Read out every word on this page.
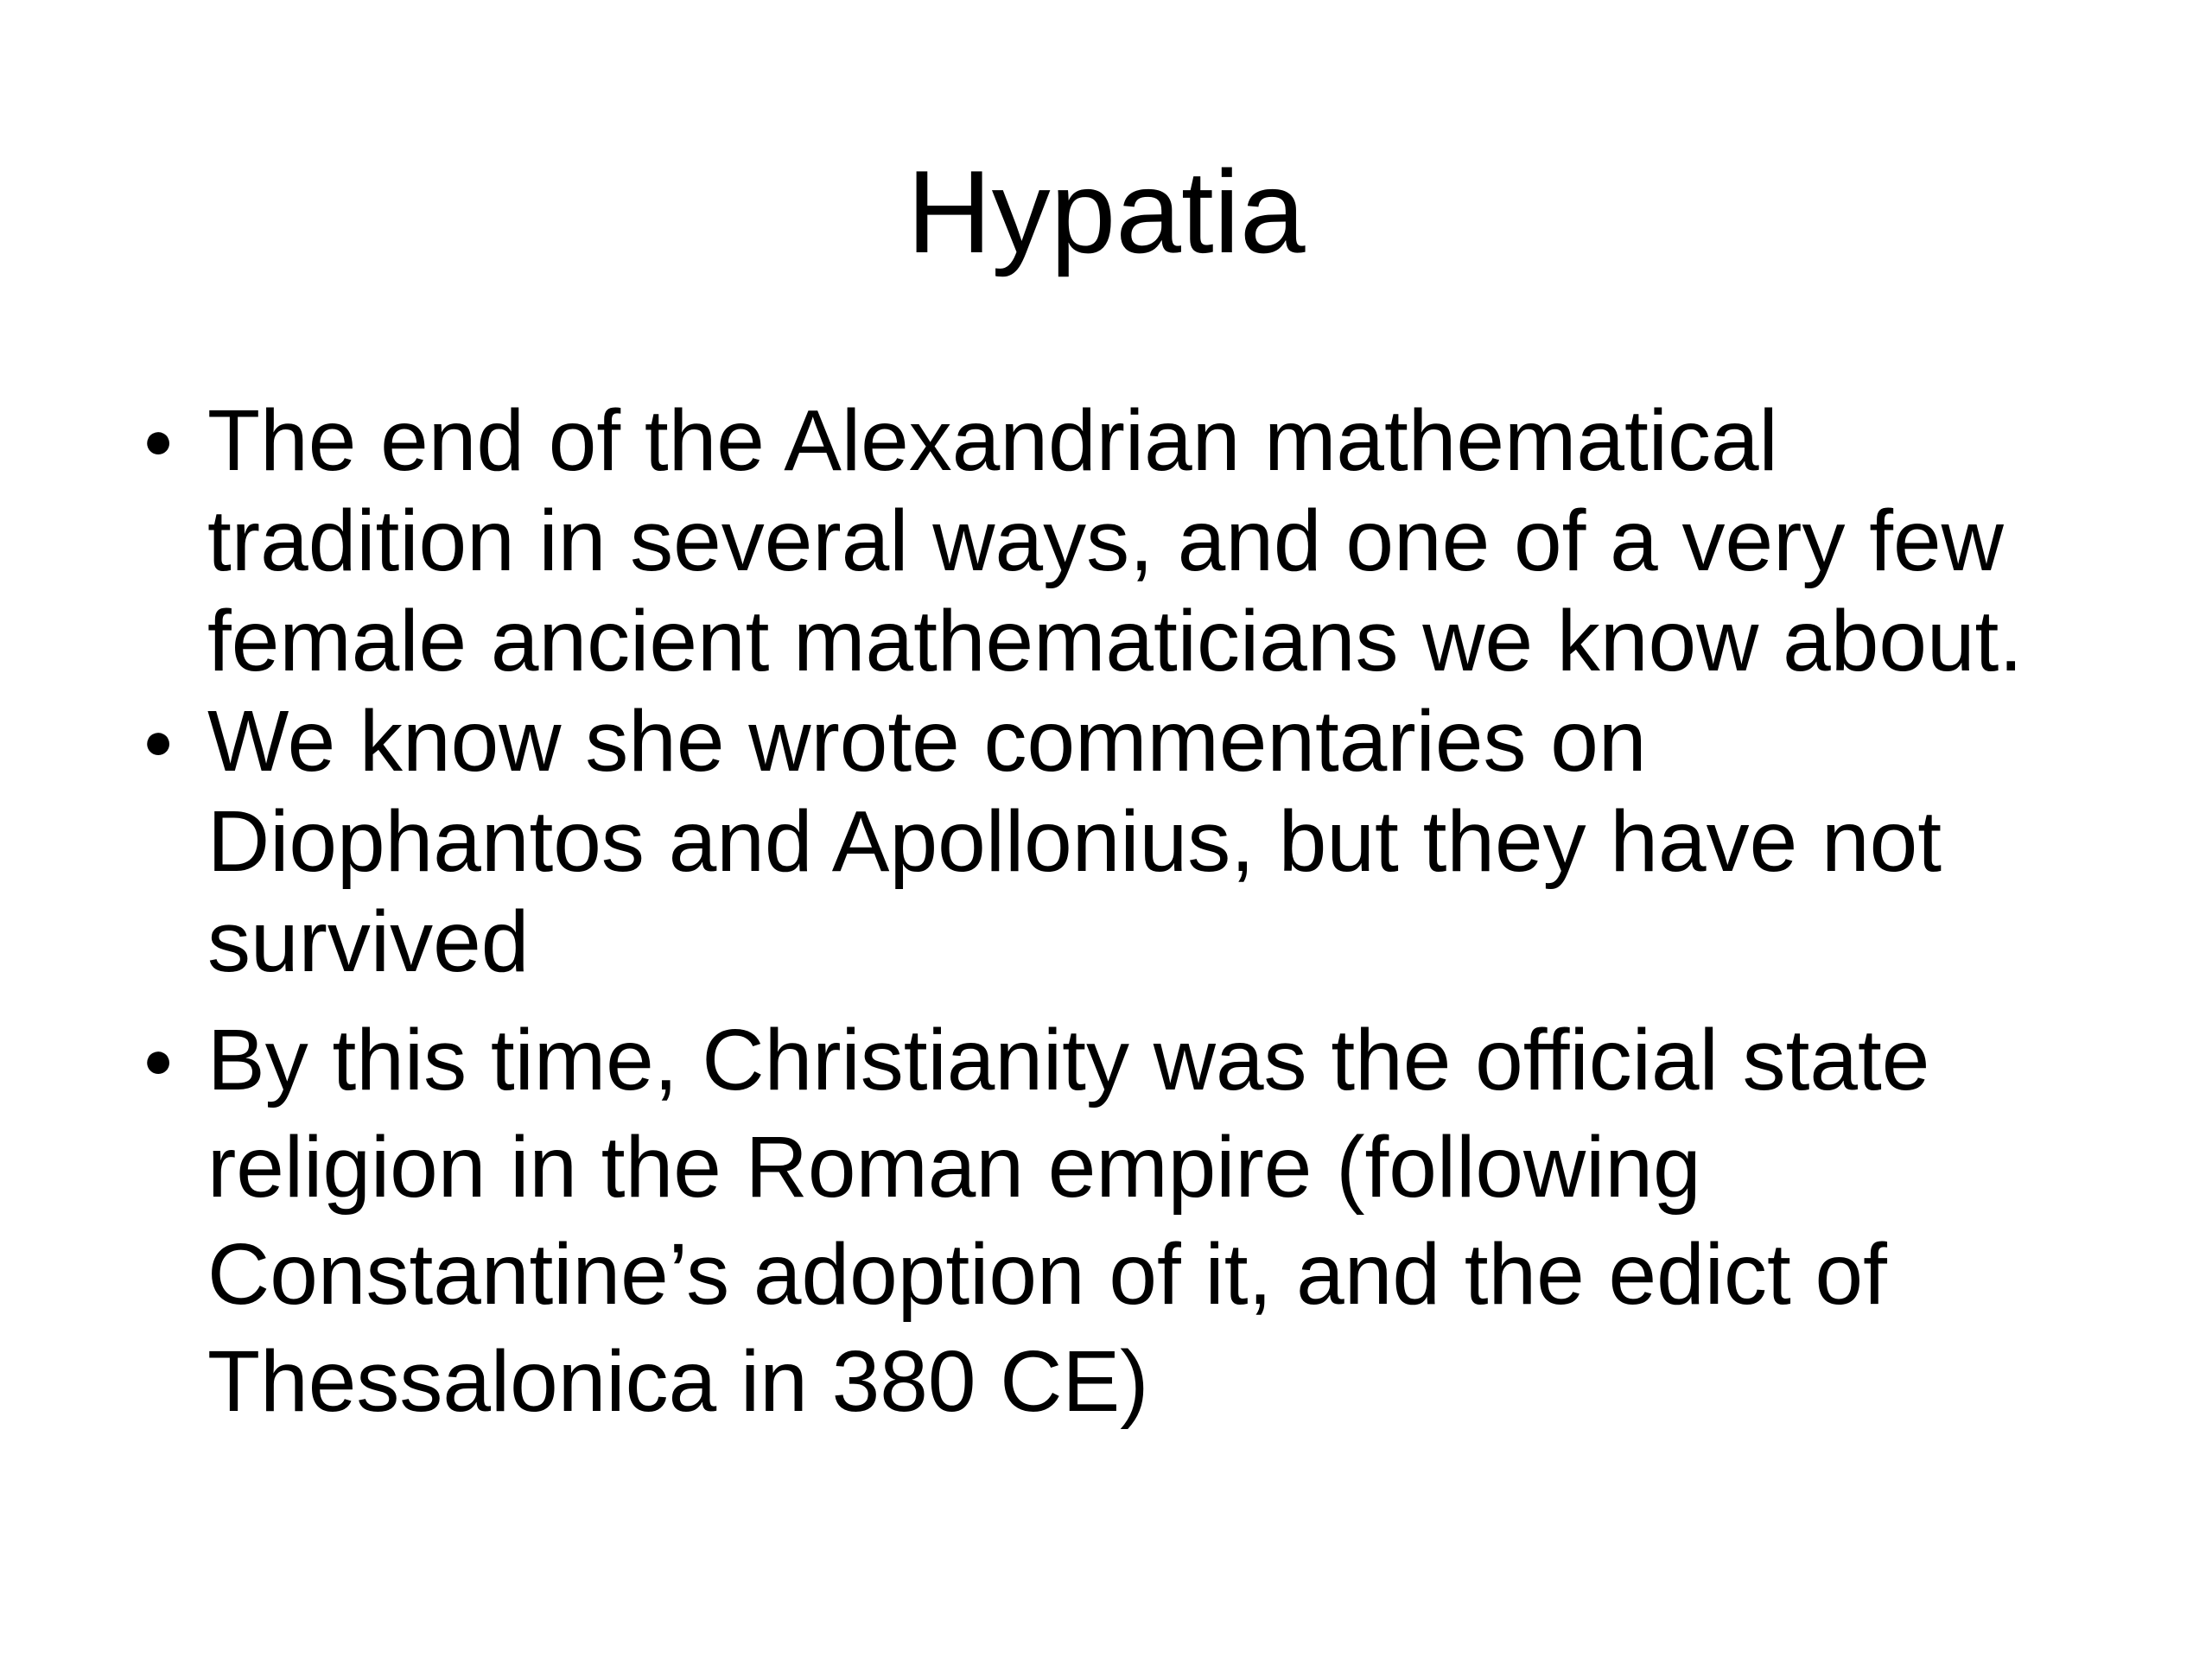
Hypatia
● The end of the Alexandrian mathematical
tradition in several ways, and one of a very few
female ancient mathematicians we know about.
● We know she wrote commentaries on
Diophantos and Apollonius, but they have not
survived
● By this time, Christianity was the official state
religion in the Roman empire (following
Constantine’s adoption of it, and the edict of
Thessalonica in 380 CE)
